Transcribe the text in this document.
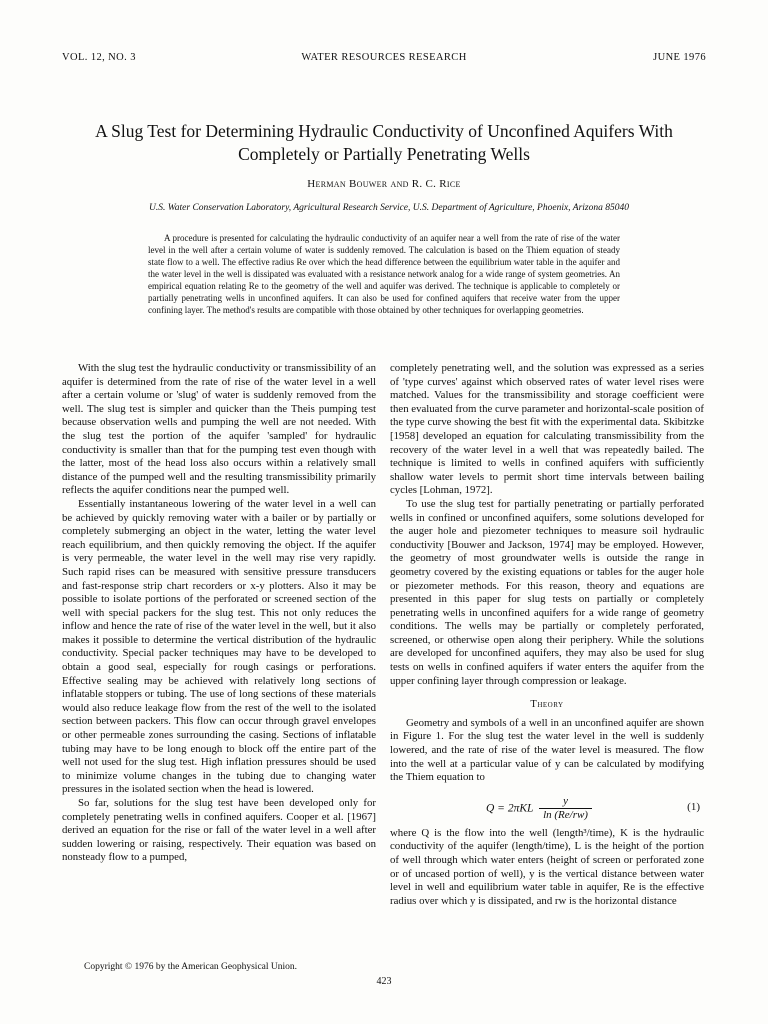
VOL. 12, NO. 3	WATER RESOURCES RESEARCH	JUNE 1976
A Slug Test for Determining Hydraulic Conductivity of Unconfined Aquifers With Completely or Partially Penetrating Wells
Herman Bouwer and R. C. Rice
U.S. Water Conservation Laboratory, Agricultural Research Service, U.S. Department of Agriculture, Phoenix, Arizona 85040

A procedure is presented for calculating the hydraulic conductivity of an aquifer near a well from the rate of rise of the water level in the well after a certain volume of water is suddenly removed. The calculation is based on the Thiem equation of steady state flow to a well. The effective radius Re over which the head difference between the equilibrium water table in the aquifer and the water level in the well is dissipated was evaluated with a resistance network analog for a wide range of system geometries. An empirical equation relating Re to the geometry of the well and aquifer was derived. The technique is applicable to completely or partially penetrating wells in unconfined aquifers. It can also be used for confined aquifers that receive water from the upper confining layer. The method's results are compatible with those obtained by other techniques for overlapping geometries.

With the slug test the hydraulic conductivity or transmissibility of an aquifer is determined from the rate of rise of the water level in a well after a certain volume or 'slug' of water is suddenly removed from the well. The slug test is simpler and quicker than the Theis pumping test because observation wells and pumping the well are not needed. With the slug test the portion of the aquifer 'sampled' for hydraulic conductivity is smaller than that for the pumping test even though with the latter, most of the head loss also occurs within a relatively small distance of the pumped well and the resulting transmissibility primarily reflects the aquifer conditions near the pumped well.

Essentially instantaneous lowering of the water level in a well can be achieved by quickly removing water with a bailer or by partially or completely submerging an object in the water, letting the water level reach equilibrium, and then quickly removing the object. If the aquifer is very permeable, the water level in the well may rise very rapidly. Such rapid rises can be measured with sensitive pressure transducers and fast-response strip chart recorders or x-y plotters. Also it may be possible to isolate portions of the perforated or screened section of the well with special packers for the slug test. This not only reduces the inflow and hence the rate of rise of the water level in the well, but it also makes it possible to determine the vertical distribution of the hydraulic conductivity. Special packer techniques may have to be developed to obtain a good seal, especially for rough casings or perforations. Effective sealing may be achieved with relatively long sections of inflatable stoppers or tubing. The use of long sections of these materials would also reduce leakage flow from the rest of the well to the isolated section between packers. This flow can occur through gravel envelopes or other permeable zones surrounding the casing. Sections of inflatable tubing may have to be long enough to block off the entire part of the well not used for the slug test. High inflation pressures should be used to minimize volume changes in the tubing due to changing water pressures in the isolated section when the head is lowered.

So far, solutions for the slug test have been developed only for completely penetrating wells in confined aquifers. Cooper et al. [1967] derived an equation for the rise or fall of the water level in a well after sudden lowering or raising, respectively. Their equation was based on nonsteady flow to a pumped,

completely penetrating well, and the solution was expressed as a series of 'type curves' against which observed rates of water level rises were matched. Values for the transmissibility and storage coefficient were then evaluated from the curve parameter and horizontal-scale position of the type curve showing the best fit with the experimental data. Skibitzke [1958] developed an equation for calculating transmissibility from the recovery of the water level in a well that was repeatedly bailed. The technique is limited to wells in confined aquifers with sufficiently shallow water levels to permit short time intervals between bailing cycles [Lohman, 1972].

To use the slug test for partially penetrating or partially perforated wells in confined or unconfined aquifers, some solutions developed for the auger hole and piezometer techniques to measure soil hydraulic conductivity [Bouwer and Jackson, 1974] may be employed. However, the geometry of most groundwater wells is outside the range in geometry covered by the existing equations or tables for the auger hole or piezometer methods. For this reason, theory and equations are presented in this paper for slug tests on partially or completely penetrating wells in unconfined aquifers for a wide range of geometry conditions. The wells may be partially or completely perforated, screened, or otherwise open along their periphery. While the solutions are developed for unconfined aquifers, they may also be used for slug tests on wells in confined aquifers if water enters the aquifer from the upper confining layer through compression or leakage.

Theory

Geometry and symbols of a well in an unconfined aquifer are shown in Figure 1. For the slug test the water level in the well is suddenly lowered, and the rate of rise of the water level is measured. The flow into the well at a particular value of y can be calculated by modifying the Thiem equation to

$Q = 2\pi KL \frac{y}{\ln (Re/rw)}$	(1)

where Q is the flow into the well (length³/time), K is the hydraulic conductivity of the aquifer (length/time), L is the height of the portion of well through which water enters (height of screen or perforated zone or of uncased portion of well), y is the vertical distance between water level in well and equilibrium water table in aquifer, Re is the effective radius over which y is dissipated, and rw is the horizontal distance

Copyright © 1976 by the American Geophysical Union.
423
